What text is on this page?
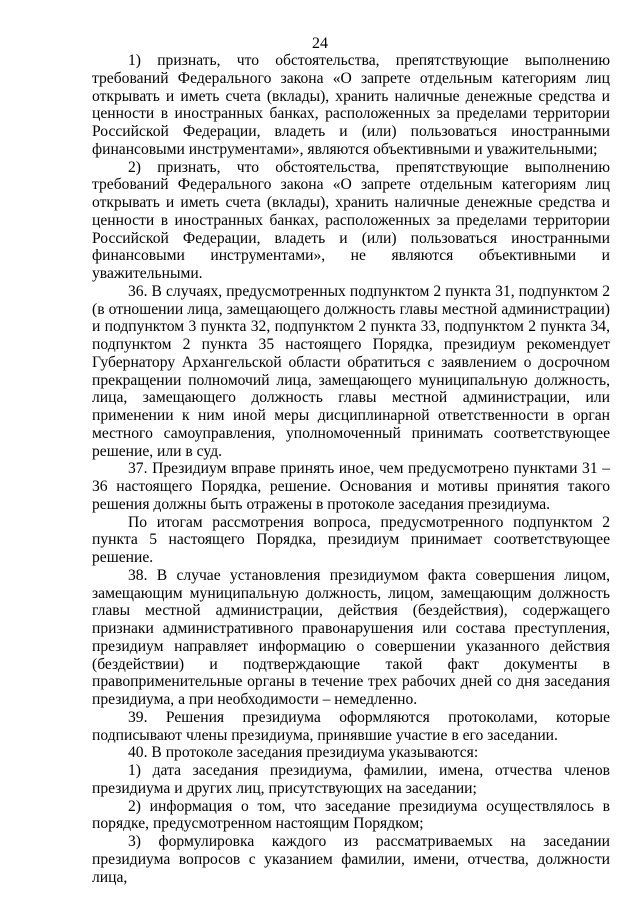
24

1) признать, что обстоятельства, препятствующие выполнению требований Федерального закона «О запрете отдельным категориям лиц открывать и иметь счета (вклады), хранить наличные денежные средства и ценности в иностранных банках, расположенных за пределами территории Российской Федерации, владеть и (или) пользоваться иностранными финансовыми инструментами», являются объективными и уважительными;

2) признать, что обстоятельства, препятствующие выполнению требований Федерального закона «О запрете отдельным категориям лиц открывать и иметь счета (вклады), хранить наличные денежные средства и ценности в иностранных банках, расположенных за пределами территории Российской Федерации, владеть и (или) пользоваться иностранными финансовыми инструментами», не являются объективными и уважительными.

36. В случаях, предусмотренных подпунктом 2 пункта 31, подпунктом 2 (в отношении лица, замещающего должность главы местной администрации) и подпунктом 3 пункта 32, подпунктом 2 пункта 33, подпунктом 2 пункта 34, подпунктом 2 пункта 35 настоящего Порядка, президиум рекомендует Губернатору Архангельской области обратиться с заявлением о досрочном прекращении полномочий лица, замещающего муниципальную должность, лица, замещающего должность главы местной администрации, или применении к ним иной меры дисциплинарной ответственности в орган местного самоуправления, уполномоченный принимать соответствующее решение, или в суд.

37. Президиум вправе принять иное, чем предусмотрено пунктами 31 – 36 настоящего Порядка, решение. Основания и мотивы принятия такого решения должны быть отражены в протоколе заседания президиума.

По итогам рассмотрения вопроса, предусмотренного подпунктом 2 пункта 5 настоящего Порядка, президиум принимает соответствующее решение.

38. В случае установления президиумом факта совершения лицом, замещающим муниципальную должность, лицом, замещающим должность главы местной администрации, действия (бездействия), содержащего признаки административного правонарушения или состава преступления, президиум направляет информацию о совершении указанного действия (бездействии) и подтверждающие такой факт документы в правоприменительные органы в течение трех рабочих дней со дня заседания президиума, а при необходимости – немедленно.

39. Решения президиума оформляются протоколами, которые подписывают члены президиума, принявшие участие в его заседании.

40. В протоколе заседания президиума указываются:

1) дата заседания президиума, фамилии, имена, отчества членов президиума и других лиц, присутствующих на заседании;

2) информация о том, что заседание президиума осуществлялось в порядке, предусмотренном настоящим Порядком;

3) формулировка каждого из рассматриваемых на заседании президиума вопросов с указанием фамилии, имени, отчества, должности лица,
